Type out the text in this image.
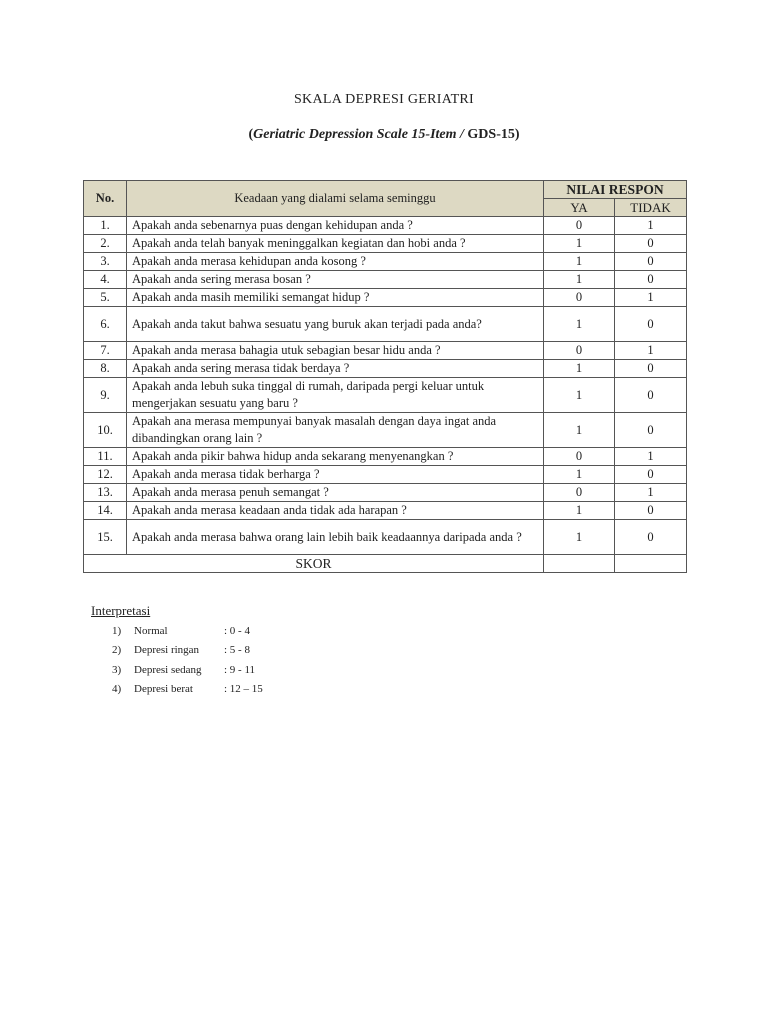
SKALA DEPRESI GERIATRI
(Geriatric Depression Scale 15-Item / GDS-15)
No.	Keadaan yang dialami selama seminggu	NILAI RESPON	
		YA	TIDAK
1.	Apakah anda sebenarnya puas dengan kehidupan anda ?	0	1
2.	Apakah anda telah banyak meninggalkan kegiatan dan hobi anda ?	1	0
3.	Apakah anda merasa kehidupan anda kosong ?	1	0
4.	Apakah anda sering merasa bosan ?	1	0
5.	Apakah anda masih memiliki semangat hidup ?	0	1
6.	Apakah anda takut bahwa sesuatu yang buruk akan terjadi pada anda?	1	0
7.	Apakah anda merasa bahagia utuk sebagian besar hidu anda ?	0	1
8.	Apakah anda sering merasa tidak berdaya ?	1	0
9.	Apakah anda lebuh suka tinggal di rumah, daripada pergi keluar untuk mengerjakan sesuatu yang baru ?	1	0
10.	Apakah ana merasa mempunyai banyak masalah dengan daya ingat anda dibandingkan orang lain ?	1	0
11.	Apakah anda pikir bahwa hidup anda sekarang menyenangkan ?	0	1
12.	Apakah anda merasa tidak berharga ?	1	0
13.	Apakah anda merasa penuh semangat ?	0	1
14.	Apakah anda merasa keadaan anda tidak ada harapan ?	1	0
15.	Apakah anda merasa bahwa orang lain lebih baik keadaannya daripada anda ?	1	0
SKOR			
Interpretasi
1)	Normal	: 0 - 4
2)	Depresi ringan	: 5 - 8
3)	Depresi sedang	: 9 - 11
4)	Depresi berat	: 12 – 15
